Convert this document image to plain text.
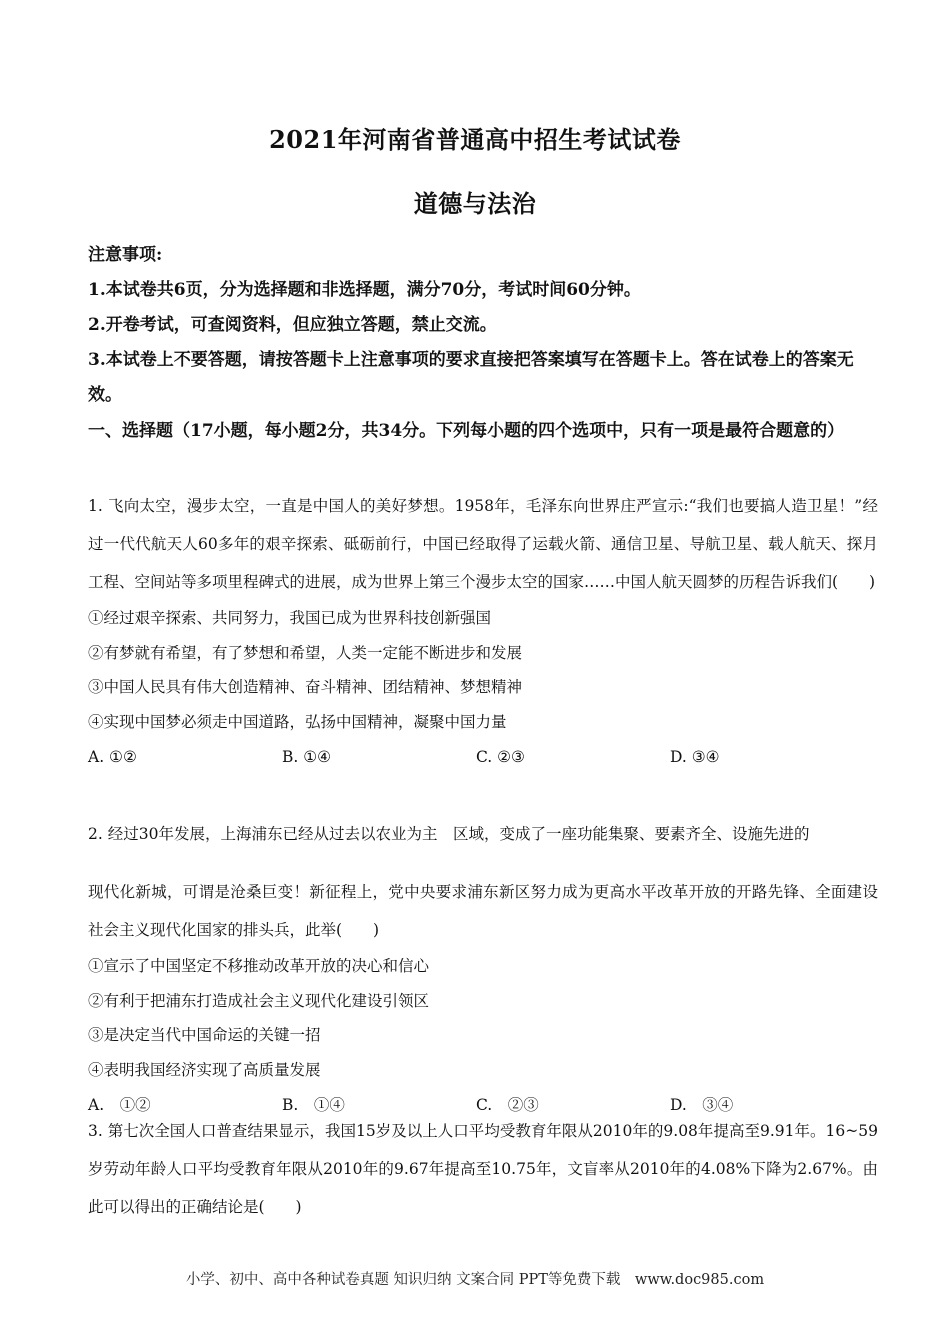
2021年河南省普通高中招生考试试卷
道德与法治
注意事项:
1.本试卷共6页，分为选择题和非选择题，满分70分，考试时间60分钟。
2.开卷考试，可查阅资料，但应独立答题，禁止交流。
3.本试卷上不要答题，请按答题卡上注意事项的要求直接把答案填写在答题卡上。答在试卷上的答案无效。
一、选择题（17小题，每小题2分，共34分。下列每小题的四个选项中，只有一项是最符合题意的）
1. 飞向太空，漫步太空，一直是中国人的美好梦想。1958年，毛泽东向世界庄严宣示:“我们也要搞人造卫星！”经过一代代航天人60多年的艰辛探索、砥砺前行，中国已经取得了运载火箭、通信卫星、导航卫星、载人航天、探月工程、空间站等多项里程碑式的进展，成为世界上第三个漫步太空的国家……中国人航天圆梦的历程告诉我们(　　)
①经过艰辛探索、共同努力，我国已成为世界科技创新强国
②有梦就有希望，有了梦想和希望，人类一定能不断进步和发展
③中国人民具有伟大创造精神、奋斗精神、团结精神、梦想精神
④实现中国梦必须走中国道路，弘扬中国精神，凝聚中国力量
A. ①②	B. ①④	C. ②③	D. ③④
2. 经过30年发展，上海浦东已经从过去以农业为主　区域，变成了一座功能集聚、要素齐全、设施先进的
现代化新城，可谓是沧桑巨变！新征程上，党中央要求浦东新区努力成为更高水平改革开放的开路先锋、全面建设社会主义现代化国家的排头兵，此举(　　)
①宣示了中国坚定不移推动改革开放的决心和信心
②有利于把浦东打造成社会主义现代化建设引领区
③是决定当代中国命运的关键一招
④表明我国经济实现了高质量发展
A.　①②	B.　①④	C.　②③	D.　③④
3. 第七次全国人口普查结果显示，我国15岁及以上人口平均受教育年限从2010年的9.08年提高至9.91年。16~59岁劳动年龄人口平均受教育年限从2010年的9.67年提高至10.75年，文盲率从2010年的4.08%下降为2.67%。由此可以得出的正确结论是(　　)
小学、初中、高中各种试卷真题 知识归纳 文案合同 PPT等免费下载　www.doc985.com
